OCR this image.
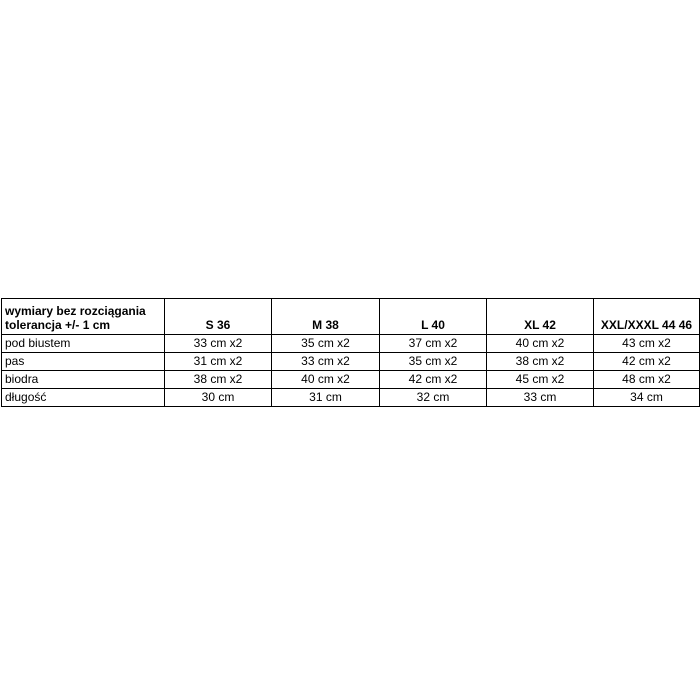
wymiary bez rozciągania
tolerancja +/- 1 cm	S 36	M 38	L 40	XL 42	XXL/XXXL 44 46
pod biustem	33 cm x2	35 cm x2	37 cm x2	40 cm x2	43 cm x2
pas	31 cm x2	33 cm x2	35 cm x2	38 cm x2	42 cm x2
biodra	38 cm x2	40 cm x2	42 cm x2	45 cm x2	48 cm x2
długość	30 cm	31 cm	32 cm	33 cm	34 cm
